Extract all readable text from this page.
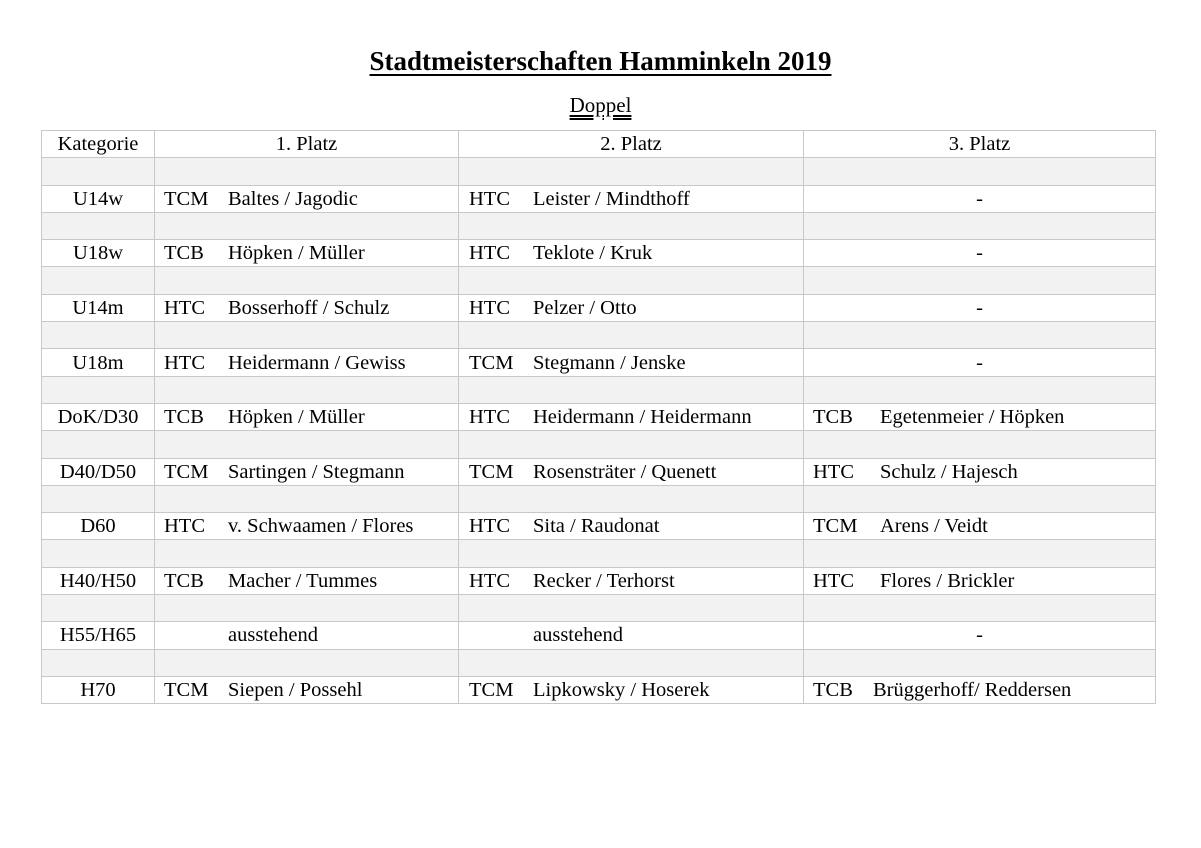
Stadtmeisterschaften Hamminkeln 2019
Doppel
Kategorie	1. Platz	2. Platz	3. Platz

U14w	TCM Baltes / Jagodic	HTC Leister / Mindthoff	-

U18w	TCB Höpken / Müller	HTC Teklote / Kruk	-

U14m	HTC Bosserhoff / Schulz	HTC Pelzer / Otto	-

U18m	HTC Heidermann / Gewiss	TCM Stegmann / Jenske	-

DoK/D30	TCB Höpken / Müller	HTC Heidermann / Heidermann	TCB Egetenmeier / Höpken

D40/D50	TCM Sartingen / Stegmann	TCM Rosensträter / Quenett	HTC Schulz / Hajesch

D60	HTC v. Schwaamen / Flores	HTC Sita / Raudonat	TCM Arens / Veidt

H40/H50	TCB Macher / Tummes	HTC Recker / Terhorst	HTC Flores / Brickler

H55/H65	ausstehend	ausstehend	-

H70	TCM Siepen / Possehl	TCM Lipkowsky / Hoserek	TCB Brüggerhoff/ Reddersen
